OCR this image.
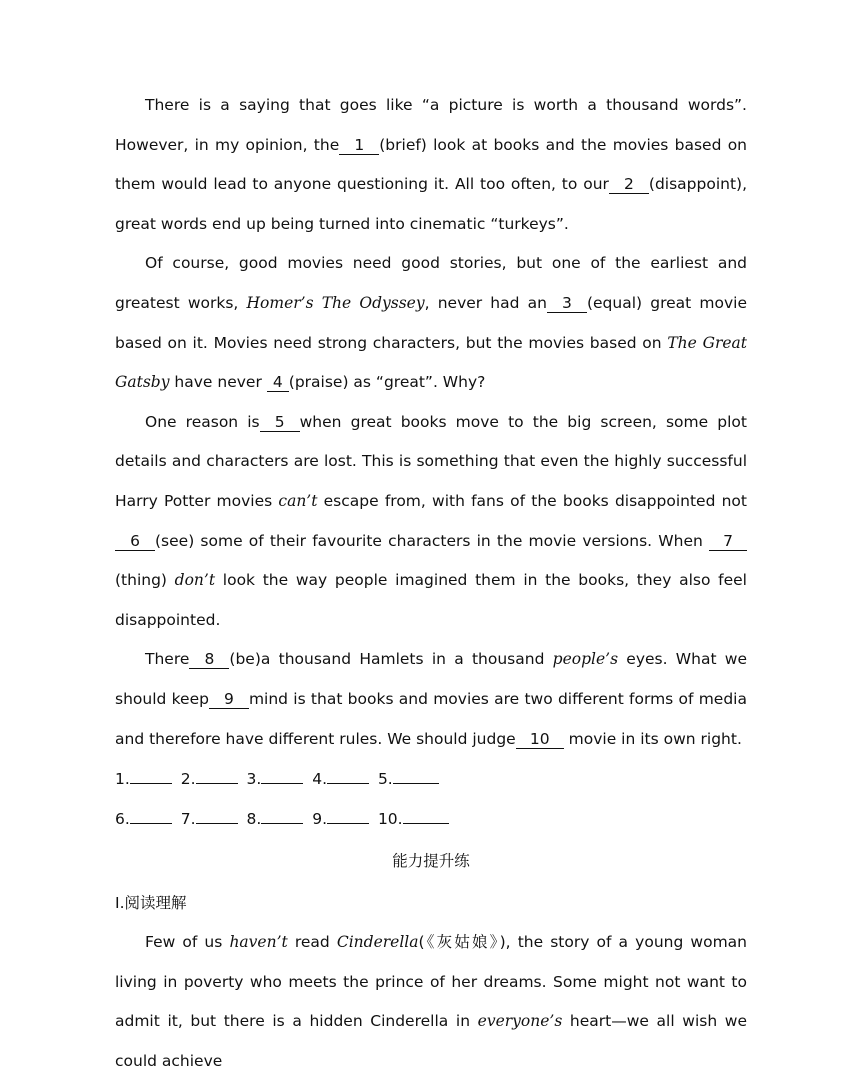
There is a saying that goes like “a picture is worth a thousand words”. However, in my opinion, the 1 (brief) look at books and the movies based on them would lead to anyone questioning it. All too often, to our 2 (disappoint), great words end up being turned into cinematic “turkeys”.

Of course, good movies need good stories, but one of the earliest and greatest works, Homer’s The Odyssey, never had an 3 (equal) great movie based on it. Movies need strong characters, but the movies based on The Great Gatsby have never 4 (praise) as “great”. Why?

One reason is 5 when great books move to the big screen, some plot details and characters are lost. This is something that even the highly successful Harry Potter movies can’t escape from, with fans of the books disappointed not 6 (see) some of their favourite characters in the movie versions. When 7(thing) don’t look the way people imagined them in the books, they also feel disappointed.

There 8 (be)a thousand Hamlets in a thousand people’s eyes. What we should keep 9 mind is that books and movies are two different forms of media and therefore have different rules. We should judge 10 movie in its own right.

1.	2.	3.	4.	5.

6.	7.	8.	9.	10.

能力提升练

Ⅰ.阅读理解

Few of us haven’t read Cinderella(《灰姑娘》), the story of a young woman living in poverty who meets the prince of her dreams. Some might not want to admit it, but there is a hidden Cinderella in everyone’s heart—we all wish we could achieve
